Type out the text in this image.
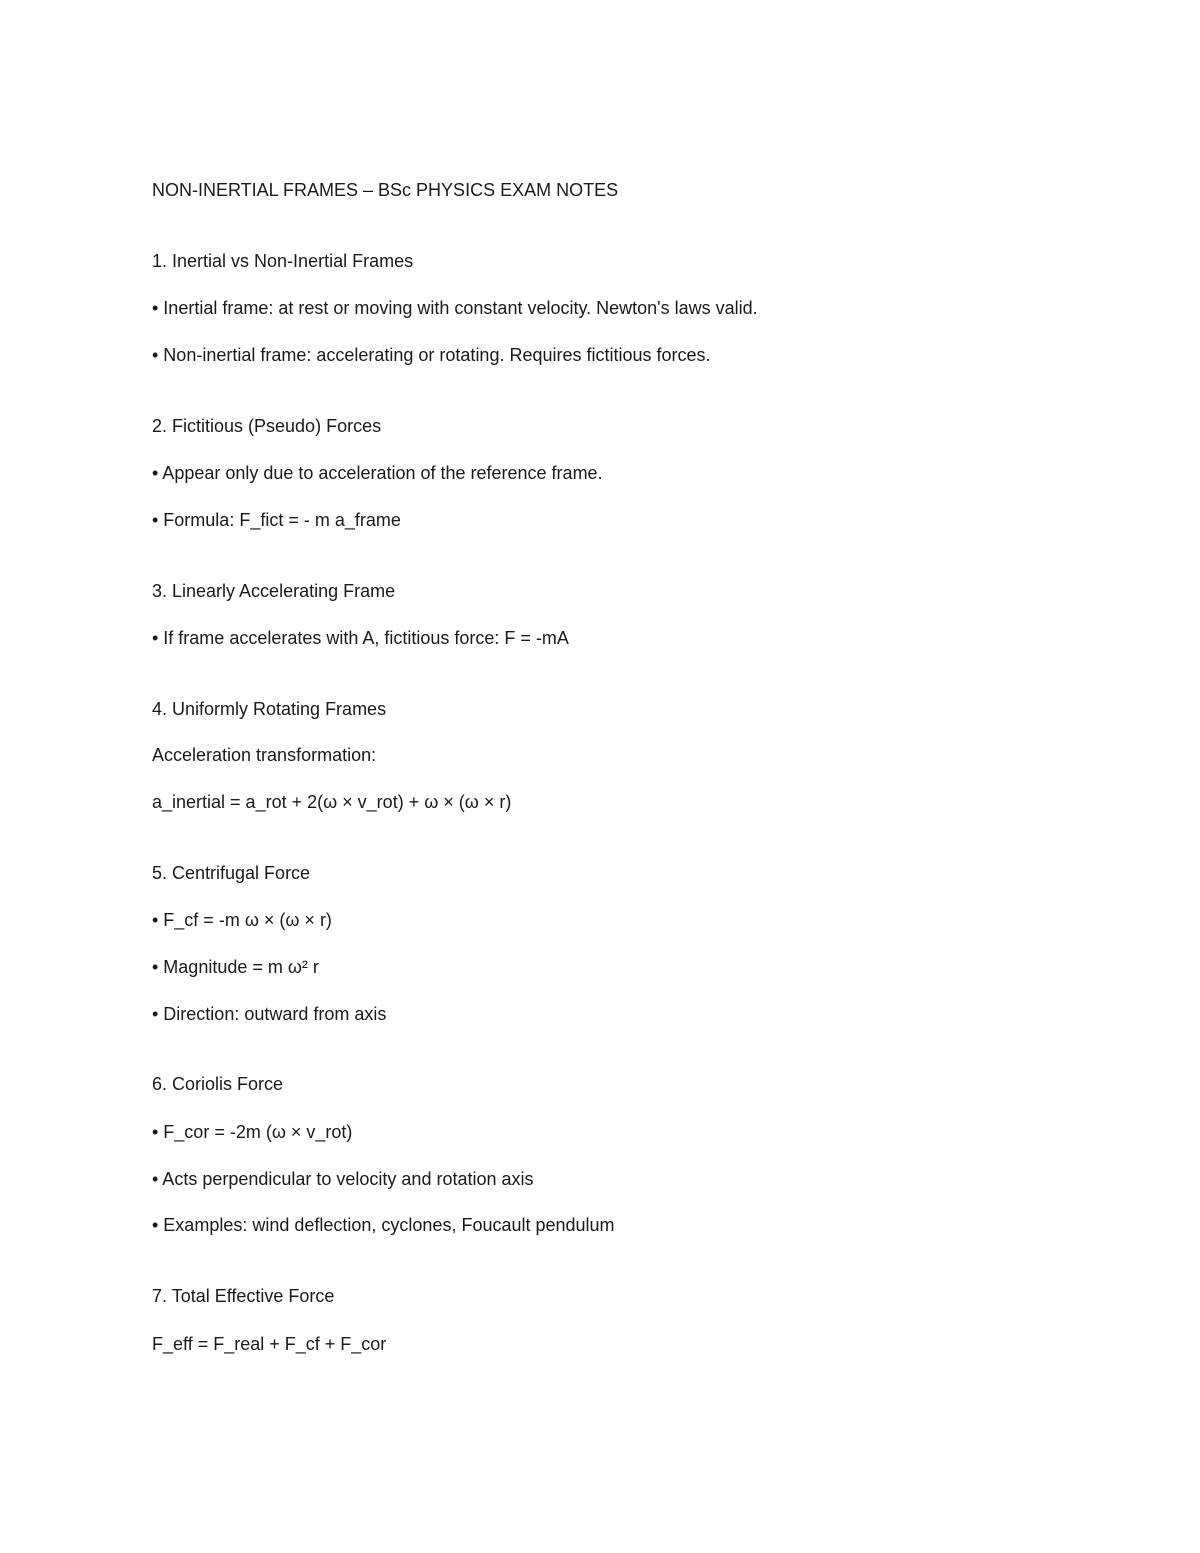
NON-INERTIAL FRAMES – BSc PHYSICS EXAM NOTES
1. Inertial vs Non-Inertial Frames
• Inertial frame: at rest or moving with constant velocity. Newton's laws valid.
• Non-inertial frame: accelerating or rotating. Requires fictitious forces.
2. Fictitious (Pseudo) Forces
• Appear only due to acceleration of the reference frame.
• Formula: F_fict = - m a_frame
3. Linearly Accelerating Frame
• If frame accelerates with A, fictitious force: F = -mA
4. Uniformly Rotating Frames
Acceleration transformation:
a_inertial = a_rot + 2(ω × v_rot) + ω × (ω × r)
5. Centrifugal Force
• F_cf = -m ω × (ω × r)
• Magnitude = m ω² r
• Direction: outward from axis
6. Coriolis Force
• F_cor = -2m (ω × v_rot)
• Acts perpendicular to velocity and rotation axis
• Examples: wind deflection, cyclones, Foucault pendulum
7. Total Effective Force
F_eff = F_real + F_cf + F_cor
